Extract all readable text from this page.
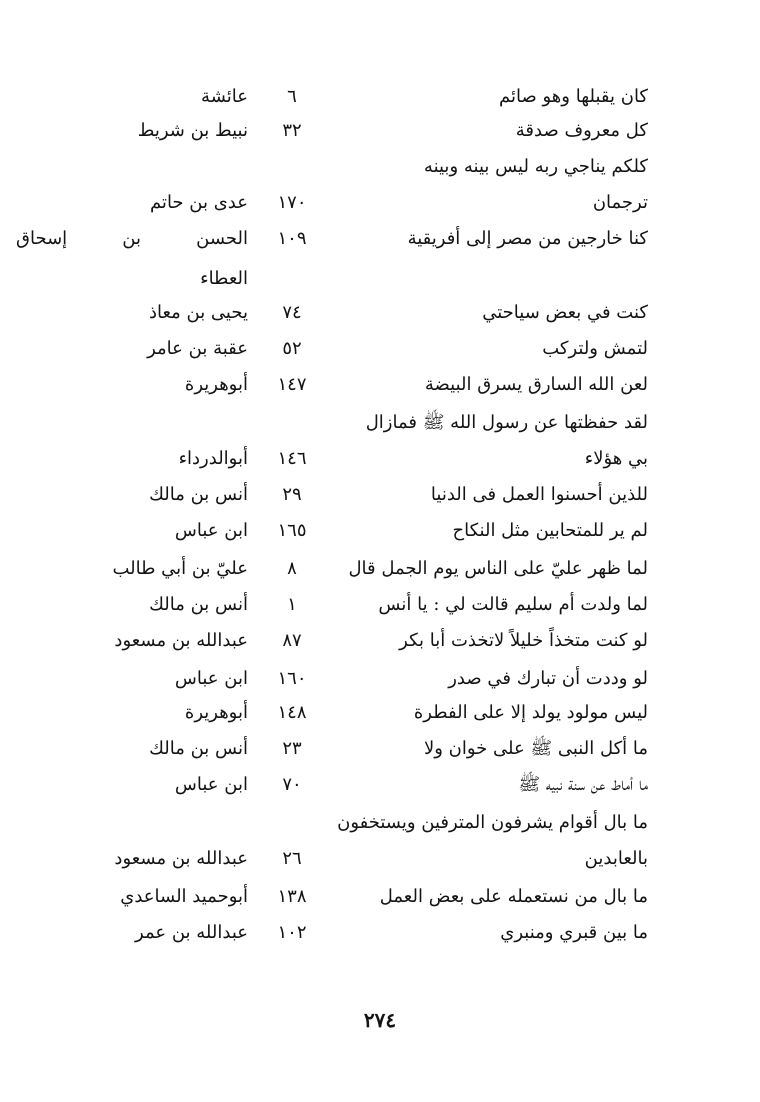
كان يقبلها وهو صائم
٦
عائشة
كل معروف صدقة
٣٢
نبيط بن شريط
كلكم يناجي ربه ليس بينه وبينه
ترجمان
١٧٠
عدى بن حاتم
كنا خارجين من مصر إلى أفريقية
١٠٩
الحسن بن إسحاق
العطاء
كنت في بعض سياحتي
٧٤
يحيى بن معاذ
لتمش ولتركب
٥٢
عقبة بن عامر
لعن الله السارق يسرق البيضة
١٤٧
أبوهريرة
لقد حفظتها عن رسول الله ﷺ فمازال
بي هؤلاء
١٤٦
أبوالدرداء
للذين أحسنوا العمل فى الدنيا
٢٩
أنس بن مالك
لم ير للمتحابين مثل النكاح
١٦٥
ابن عباس
لما ظهر عليّ على الناس يوم الجمل قال
٨
عليّ بن أبي طالب
لما ولدت أم سليم قالت لي : يا أنس
١
أنس بن مالك
لو كنت متخذاً خليلاً لاتخذت أبا بكر
٨٧
عبدالله بن مسعود
لو وددت أن تبارك في صدر
١٦٠
ابن عباس
ليس مولود يولد إلا على الفطرة
١٤٨
أبوهريرة
ما أكل النبى ﷺ على خوان ولا
٢٣
أنس بن مالك
ما أماط عن سنة نبيه ﷺ
٧٠
ابن عباس
ما بال أقوام يشرفون المترفين ويستخفون
بالعابدين
٢٦
عبدالله بن مسعود
ما بال من نستعمله على بعض العمل
١٣٨
أبوحميد الساعدي
ما بين قبري ومنبري
١٠٢
عبدالله بن عمر
٢٧٤
